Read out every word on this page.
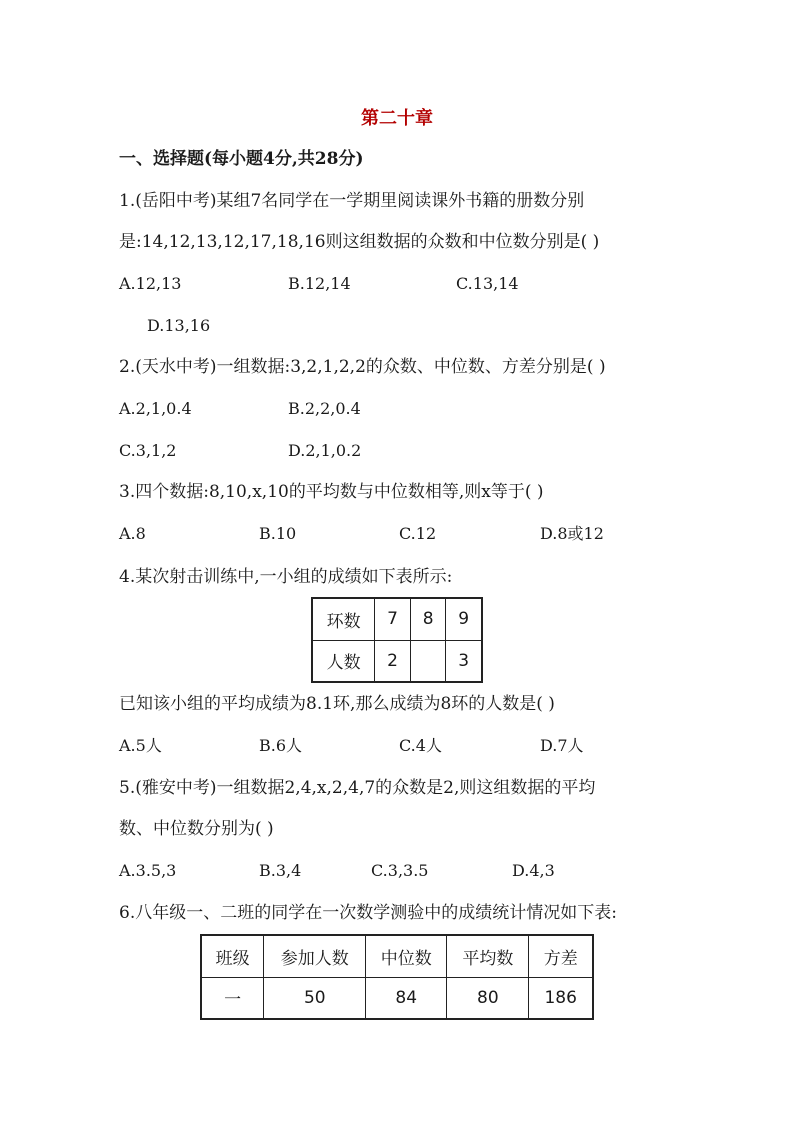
第二十章
一、选择题(每小题4分,共28分)
1.(岳阳中考)某组7名同学在一学期里阅读课外书籍的册数分别
是:14,12,13,12,17,18,16则这组数据的众数和中位数分别是( )
A.12,13	B.12,14	C.13,14
D.13,16
2.(天水中考)一组数据:3,2,1,2,2的众数、中位数、方差分别是( )
A.2,1,0.4	B.2,2,0.4
C.3,1,2	D.2,1,0.2
3.四个数据:8,10,x,10的平均数与中位数相等,则x等于( )
A.8	B.10	C.12	D.8或12
4.某次射击训练中,一小组的成绩如下表所示:
环数	7	8	9
人数	2		3
已知该小组的平均成绩为8.1环,那么成绩为8环的人数是( )
A.5人	B.6人	C.4人	D.7人
5.(雅安中考)一组数据2,4,x,2,4,7的众数是2,则这组数据的平均
数、中位数分别为( )
A.3.5,3	B.3,4	C.3,3.5	D.4,3
6.八年级一、二班的同学在一次数学测验中的成绩统计情况如下表:
班级	参加人数	中位数	平均数	方差
一	50	84	80	186
